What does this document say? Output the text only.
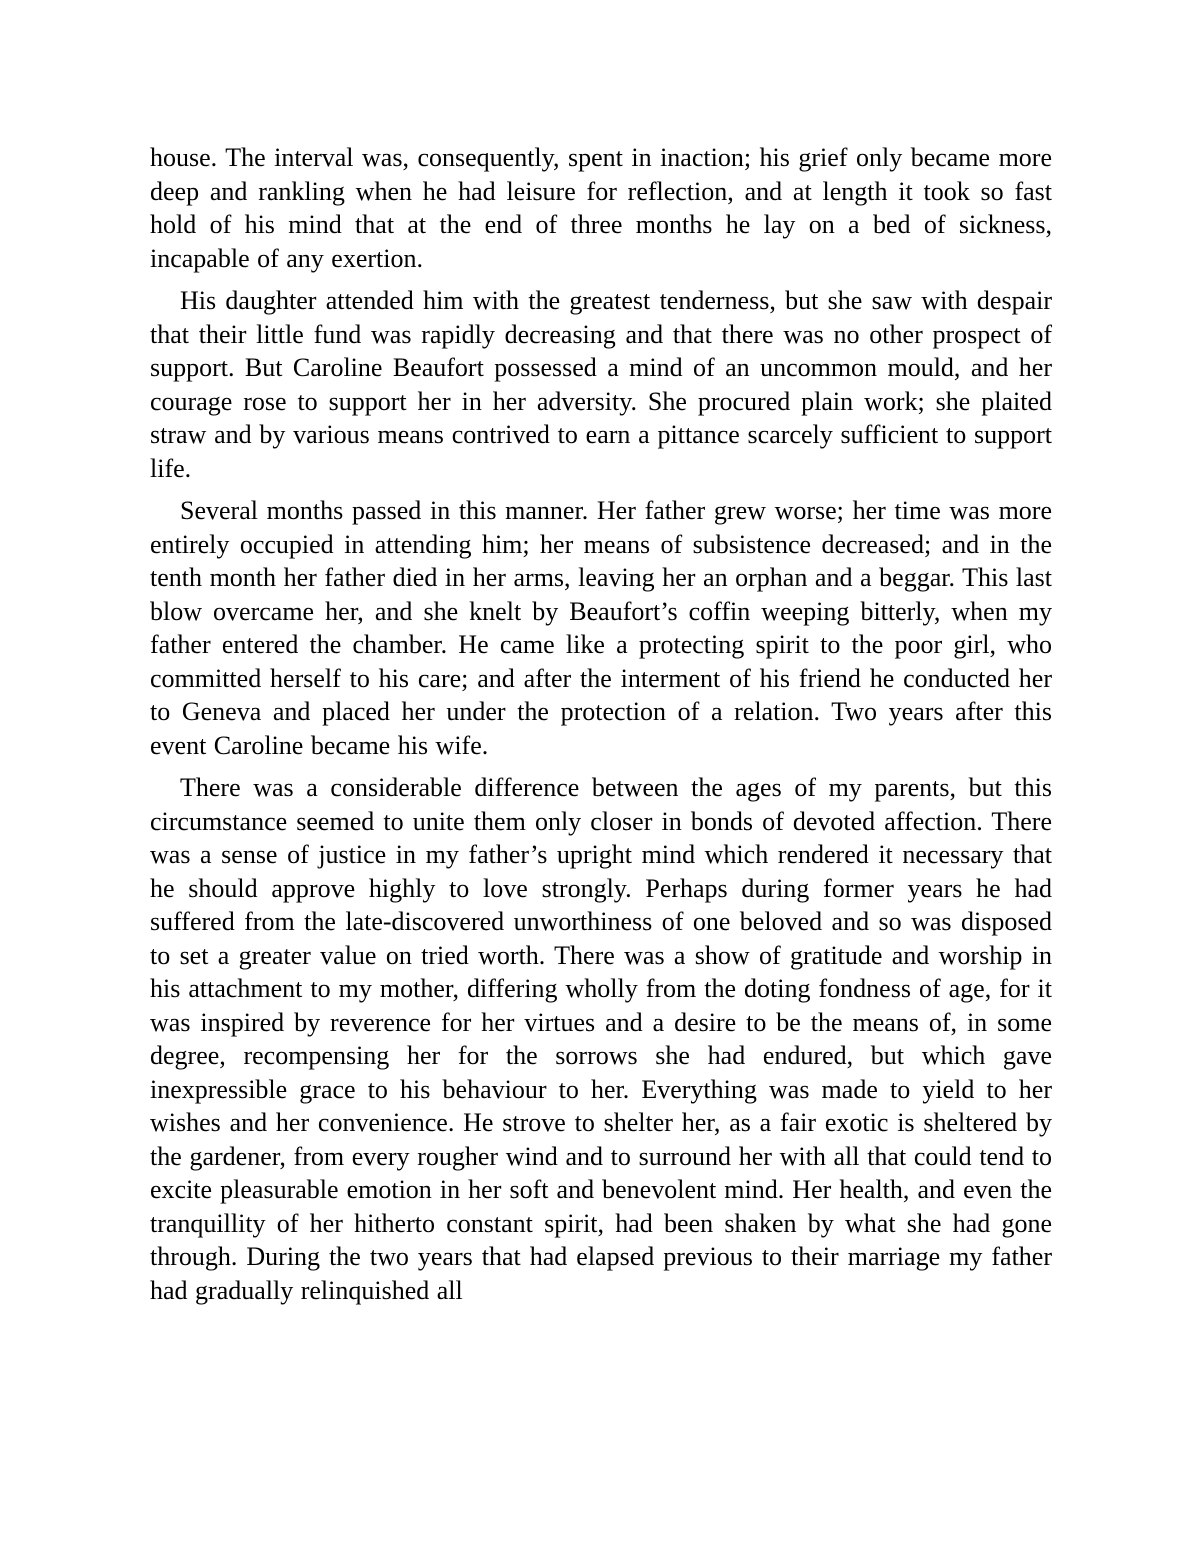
house. The interval was, consequently, spent in inaction; his grief only became more deep and rankling when he had leisure for reflection, and at length it took so fast hold of his mind that at the end of three months he lay on a bed of sickness, incapable of any exertion.

His daughter attended him with the greatest tenderness, but she saw with despair that their little fund was rapidly decreasing and that there was no other prospect of support. But Caroline Beaufort possessed a mind of an uncommon mould, and her courage rose to support her in her adversity. She procured plain work; she plaited straw and by various means contrived to earn a pittance scarcely sufficient to support life.

Several months passed in this manner. Her father grew worse; her time was more entirely occupied in attending him; her means of subsistence decreased; and in the tenth month her father died in her arms, leaving her an orphan and a beggar. This last blow overcame her, and she knelt by Beaufort’s coffin weeping bitterly, when my father entered the chamber. He came like a protecting spirit to the poor girl, who committed herself to his care; and after the interment of his friend he conducted her to Geneva and placed her under the protection of a relation. Two years after this event Caroline became his wife.

There was a considerable difference between the ages of my parents, but this circumstance seemed to unite them only closer in bonds of devoted affection. There was a sense of justice in my father’s upright mind which rendered it necessary that he should approve highly to love strongly. Perhaps during former years he had suffered from the late-discovered unworthiness of one beloved and so was disposed to set a greater value on tried worth. There was a show of gratitude and worship in his attachment to my mother, differing wholly from the doting fondness of age, for it was inspired by reverence for her virtues and a desire to be the means of, in some degree, recompensing her for the sorrows she had endured, but which gave inexpressible grace to his behaviour to her. Everything was made to yield to her wishes and her convenience. He strove to shelter her, as a fair exotic is sheltered by the gardener, from every rougher wind and to surround her with all that could tend to excite pleasurable emotion in her soft and benevolent mind. Her health, and even the tranquillity of her hitherto constant spirit, had been shaken by what she had gone through. During the two years that had elapsed previous to their marriage my father had gradually relinquished all
